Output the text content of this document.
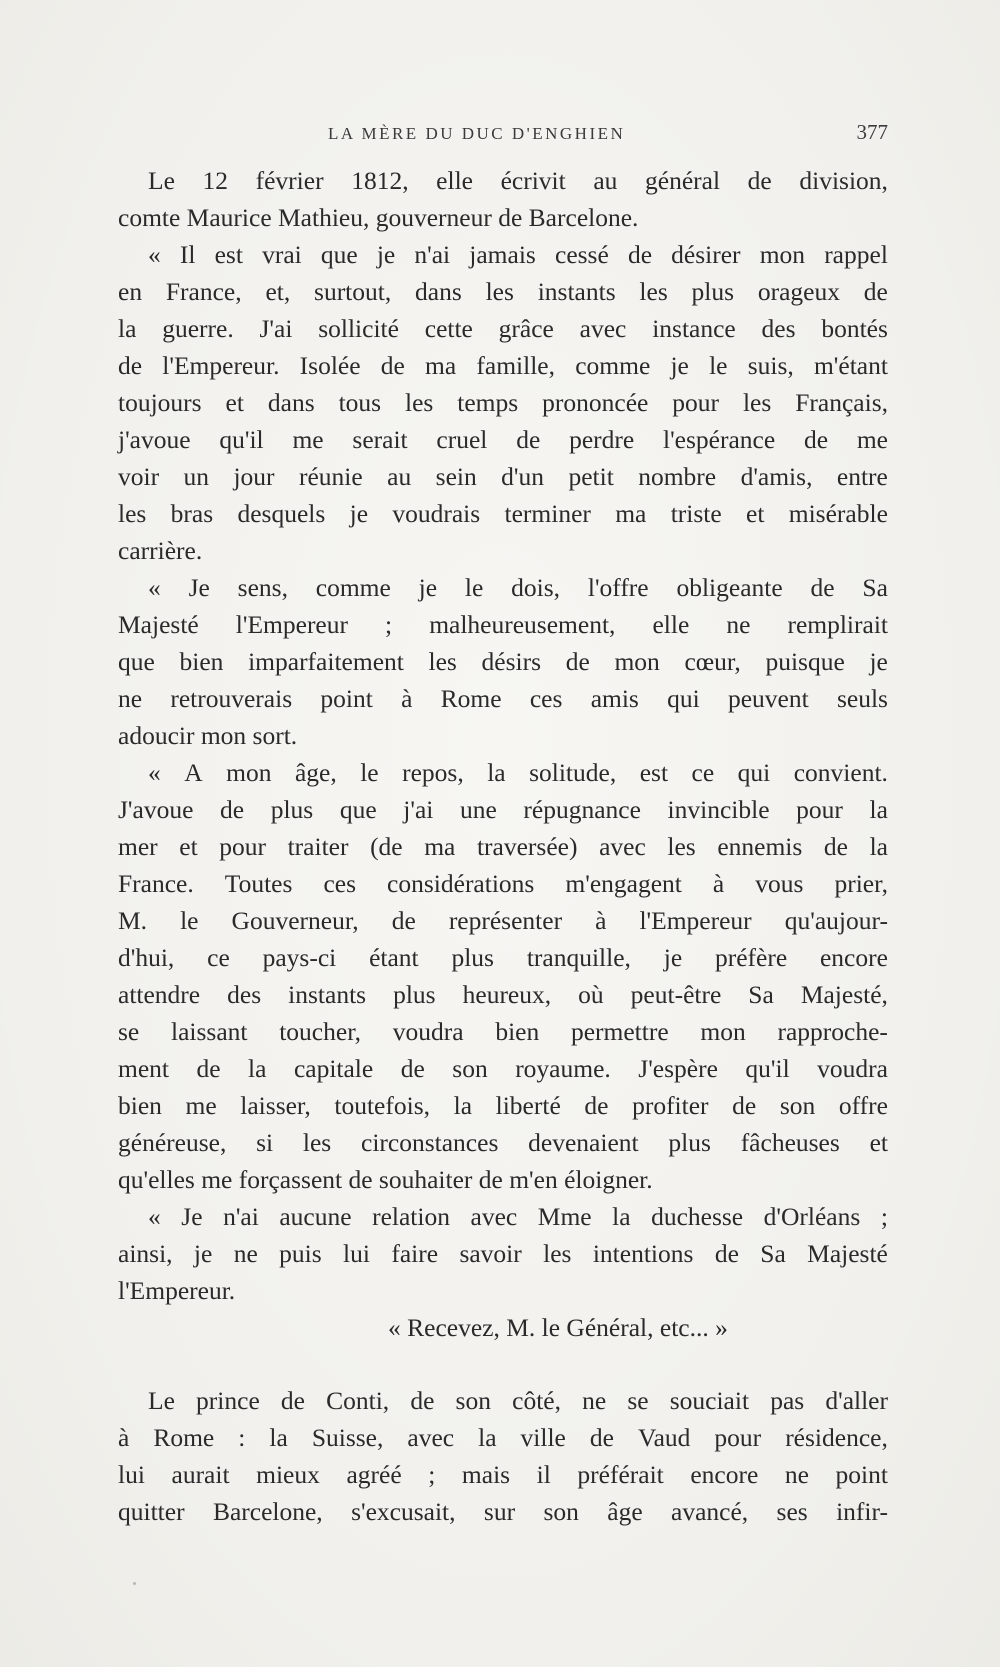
LA MÈRE DU DUC D'ENGHIEN	377
Le 12 février 1812, elle écrivit au général de division,
comte Maurice Mathieu, gouverneur de Barcelone.
« Il est vrai que je n'ai jamais cessé de désirer mon rappel
en France, et, surtout, dans les instants les plus orageux de
la guerre. J'ai sollicité cette grâce avec instance des bontés
de l'Empereur. Isolée de ma famille, comme je le suis, m'étant
toujours et dans tous les temps prononcée pour les Français,
j'avoue qu'il me serait cruel de perdre l'espérance de me
voir un jour réunie au sein d'un petit nombre d'amis, entre
les bras desquels je voudrais terminer ma triste et misérable
carrière.
« Je sens, comme je le dois, l'offre obligeante de Sa
Majesté l'Empereur ; malheureusement, elle ne remplirait
que bien imparfaitement les désirs de mon cœur, puisque je
ne retrouverais point à Rome ces amis qui peuvent seuls
adoucir mon sort.
« A mon âge, le repos, la solitude, est ce qui convient.
J'avoue de plus que j'ai une répugnance invincible pour la
mer et pour traiter (de ma traversée) avec les ennemis de la
France. Toutes ces considérations m'engagent à vous prier,
M. le Gouverneur, de représenter à l'Empereur qu'aujour-
d'hui, ce pays-ci étant plus tranquille, je préfère encore
attendre des instants plus heureux, où peut-être Sa Majesté,
se laissant toucher, voudra bien permettre mon rapproche-
ment de la capitale de son royaume. J'espère qu'il voudra
bien me laisser, toutefois, la liberté de profiter de son offre
généreuse, si les circonstances devenaient plus fâcheuses et
qu'elles me forçassent de souhaiter de m'en éloigner.
« Je n'ai aucune relation avec Mme la duchesse d'Orléans ;
ainsi, je ne puis lui faire savoir les intentions de Sa Majesté
l'Empereur.
« Recevez, M. le Général, etc... »
Le prince de Conti, de son côté, ne se souciait pas d'aller
à Rome : la Suisse, avec la ville de Vaud pour résidence,
lui aurait mieux agréé ; mais il préférait encore ne point
quitter Barcelone, s'excusait, sur son âge avancé, ses infir-
